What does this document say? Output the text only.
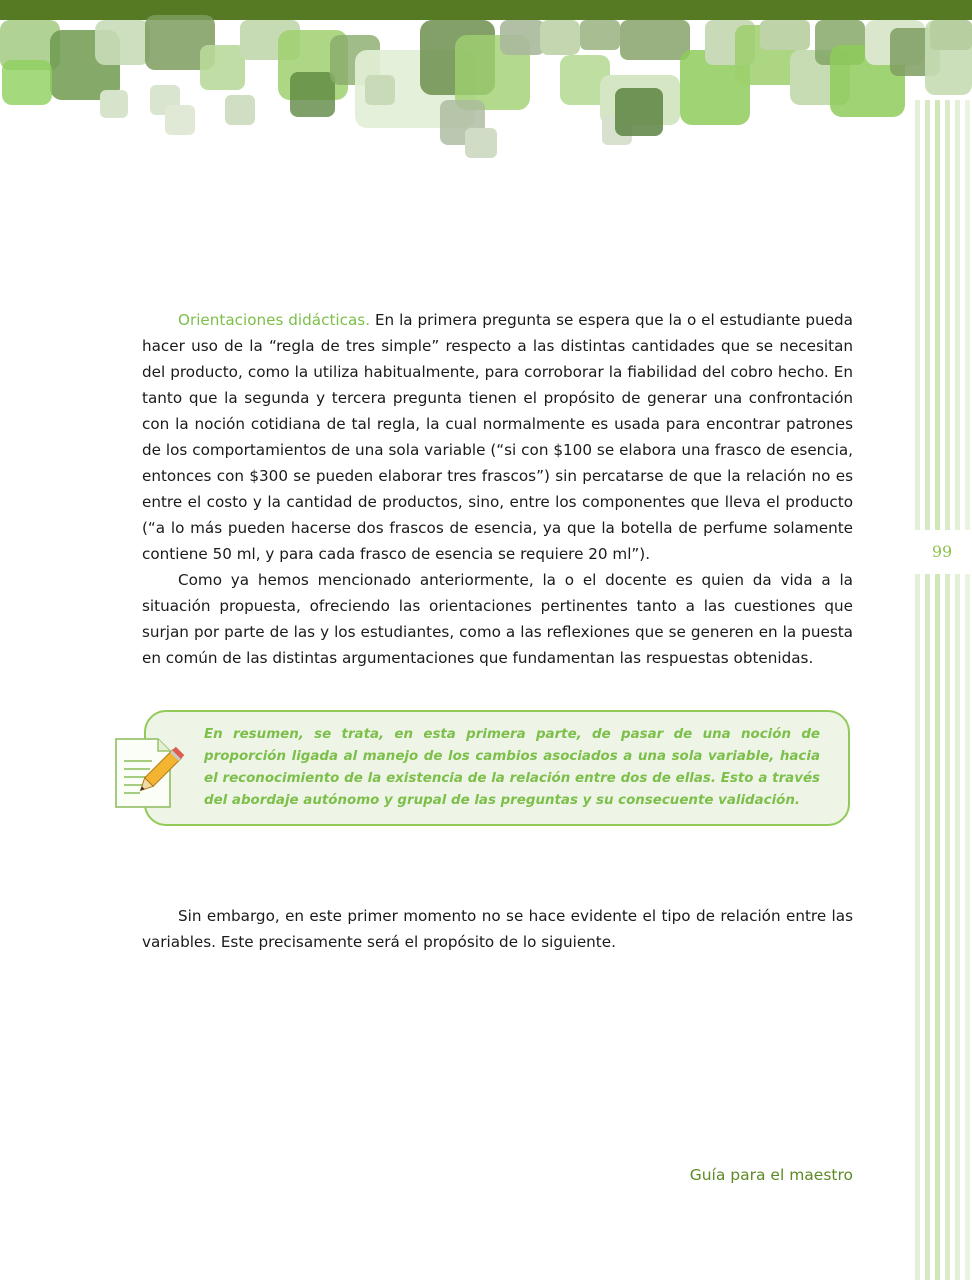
99

Orientaciones didácticas. En la primera pregunta se espera que la o el estudiante pueda hacer uso de la “regla de tres simple” respecto a las distintas cantidades que se necesitan del producto, como la utiliza habitualmente, para corroborar la fiabilidad del cobro hecho. En tanto que la segunda y tercera pregunta tienen el propósito de generar una confrontación con la noción cotidiana de tal regla, la cual normalmente es usada para encontrar patrones de los comportamientos de una sola variable (“si con $100 se elabora una frasco de esencia, entonces con $300 se pueden elaborar tres frascos”) sin percatarse de que la relación no es entre el costo y la cantidad de productos, sino, entre los componentes que lleva el producto (“a lo más pueden hacerse dos frascos de esencia, ya que la botella de perfume solamente contiene 50 ml, y para cada frasco de esencia se requiere 20 ml”).

Como ya hemos mencionado anteriormente, la o el docente es quien da vida a la situación propuesta, ofreciendo las orientaciones pertinentes tanto a las cuestiones que surjan por parte de las y los estudiantes, como a las reflexiones que se generen en la puesta en común de las distintas argumentaciones que fundamentan las respuestas obtenidas.

En resumen, se trata, en esta primera parte, de pasar de una noción de proporción ligada al manejo de los cambios asociados a una sola variable, hacia el reconocimiento de la existencia de la relación entre dos de ellas. Esto a través del abordaje autónomo y grupal de las preguntas y su consecuente validación.

Sin embargo, en este primer momento no se hace evidente el tipo de relación entre las variables. Este precisamente será el propósito de lo siguiente.

Guía para el maestro
